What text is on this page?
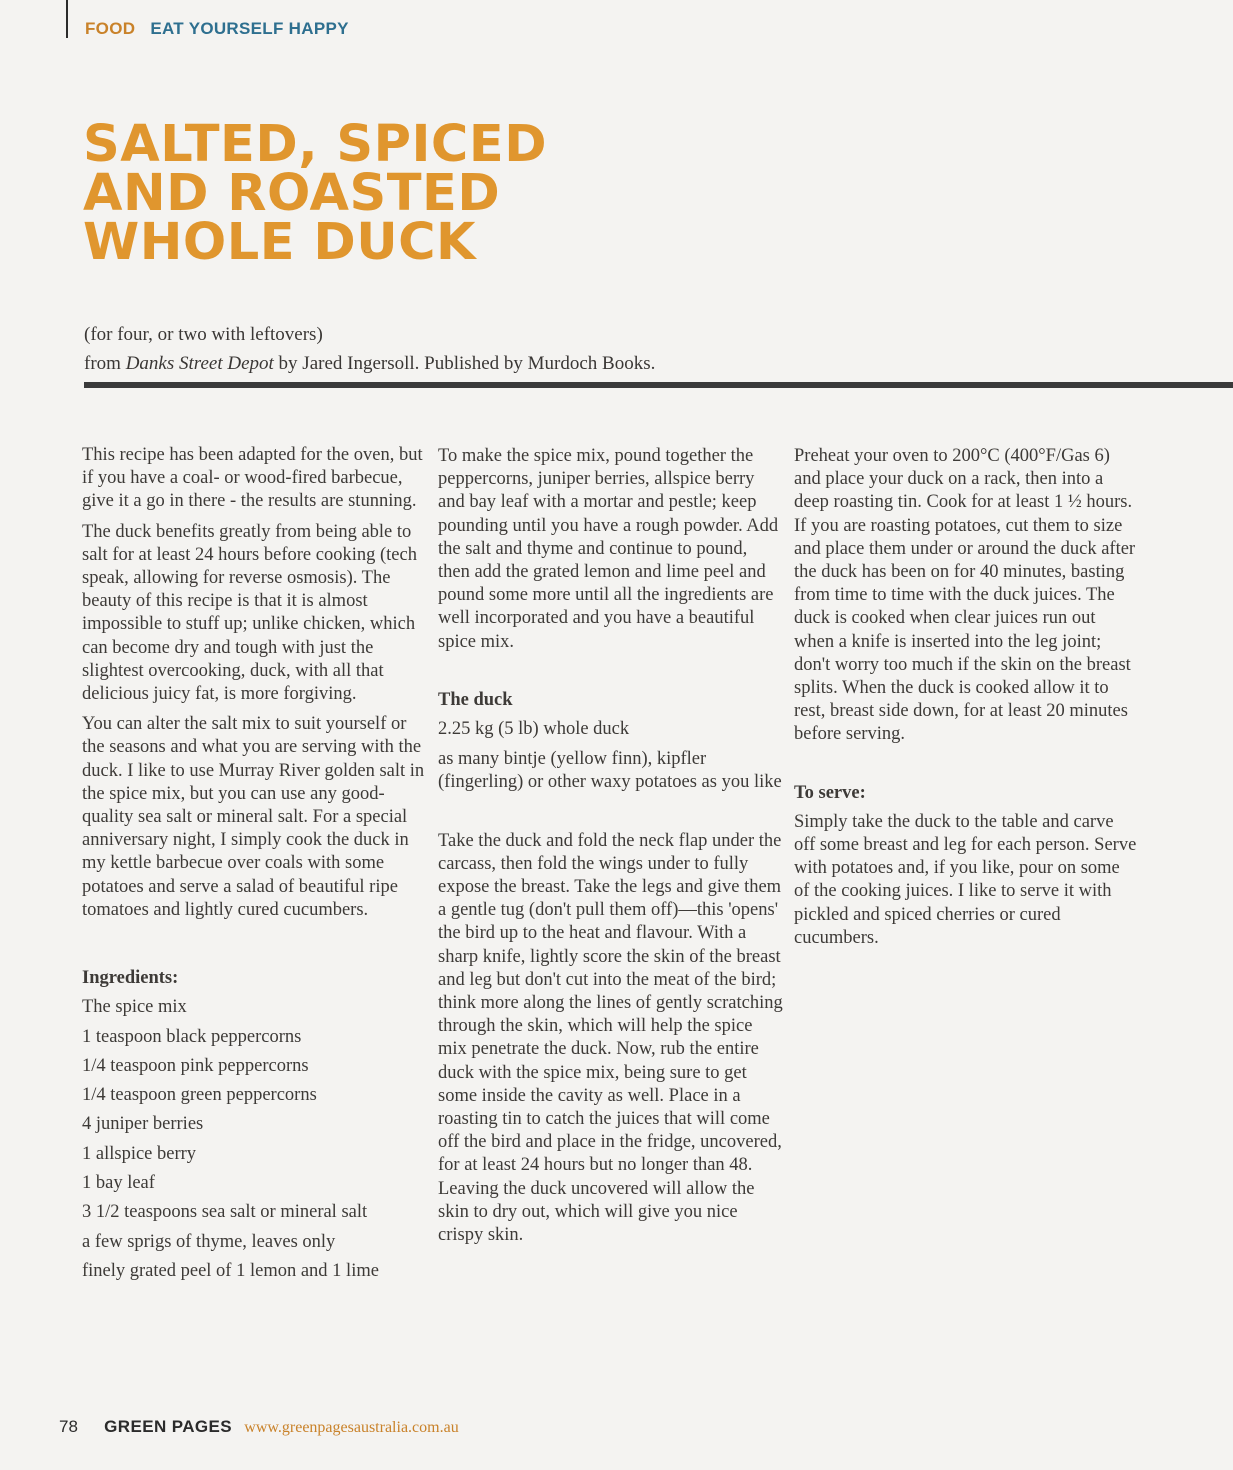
FOOD EAT YOURSELF HAPPY
SALTED, SPICED
AND ROASTED
WHOLE DUCK
(for four, or two with leftovers)
from Danks Street Depot by Jared Ingersoll. Published by Murdoch Books.

This recipe has been adapted for the oven, but if you have a coal- or wood-fired barbecue, give it a go in there - the results are stunning.

The duck benefits greatly from being able to salt for at least 24 hours before cooking (tech speak, allowing for reverse osmosis). The beauty of this recipe is that it is almost impossible to stuff up; unlike chicken, which can become dry and tough with just the slightest overcooking, duck, with all that delicious juicy fat, is more forgiving.

You can alter the salt mix to suit yourself or the seasons and what you are serving with the duck. I like to use Murray River golden salt in the spice mix, but you can use any good-quality sea salt or mineral salt. For a special anniversary night, I simply cook the duck in my kettle barbecue over coals with some potatoes and serve a salad of beautiful ripe tomatoes and lightly cured cucumbers.

Ingredients:

The spice mix
1 teaspoon black peppercorns
1/4 teaspoon pink peppercorns
1/4 teaspoon green peppercorns
4 juniper berries
1 allspice berry
1 bay leaf
3 1/2 teaspoons sea salt or mineral salt
a few sprigs of thyme, leaves only
finely grated peel of 1 lemon and 1 lime

To make the spice mix, pound together the peppercorns, juniper berries, allspice berry and bay leaf with a mortar and pestle; keep pounding until you have a rough powder. Add the salt and thyme and continue to pound, then add the grated lemon and lime peel and pound some more until all the ingredients are well incorporated and you have a beautiful spice mix.

The duck

2.25 kg (5 lb) whole duck

as many bintje (yellow finn), kipfler (fingerling) or other waxy potatoes as you like

Take the duck and fold the neck flap under the carcass, then fold the wings under to fully expose the breast. Take the legs and give them a gentle tug (don't pull them off)—this 'opens' the bird up to the heat and flavour. With a sharp knife, lightly score the skin of the breast and leg but don't cut into the meat of the bird; think more along the lines of gently scratching through the skin, which will help the spice mix penetrate the duck. Now, rub the entire duck with the spice mix, being sure to get some inside the cavity as well. Place in a roasting tin to catch the juices that will come off the bird and place in the fridge, uncovered, for at least 24 hours but no longer than 48. Leaving the duck uncovered will allow the skin to dry out, which will give you nice crispy skin.

Preheat your oven to 200°C (400°F/Gas 6) and place your duck on a rack, then into a deep roasting tin. Cook for at least 1 ½ hours. If you are roasting potatoes, cut them to size and place them under or around the duck after the duck has been on for 40 minutes, basting from time to time with the duck juices. The duck is cooked when clear juices run out when a knife is inserted into the leg joint; don't worry too much if the skin on the breast splits. When the duck is cooked allow it to rest, breast side down, for at least 20 minutes before serving.

To serve:

Simply take the duck to the table and carve off some breast and leg for each person. Serve with potatoes and, if you like, pour on some of the cooking juices. I like to serve it with pickled and spiced cherries or cured cucumbers.

78 GREEN PAGES www.greenpagesaustralia.com.au
